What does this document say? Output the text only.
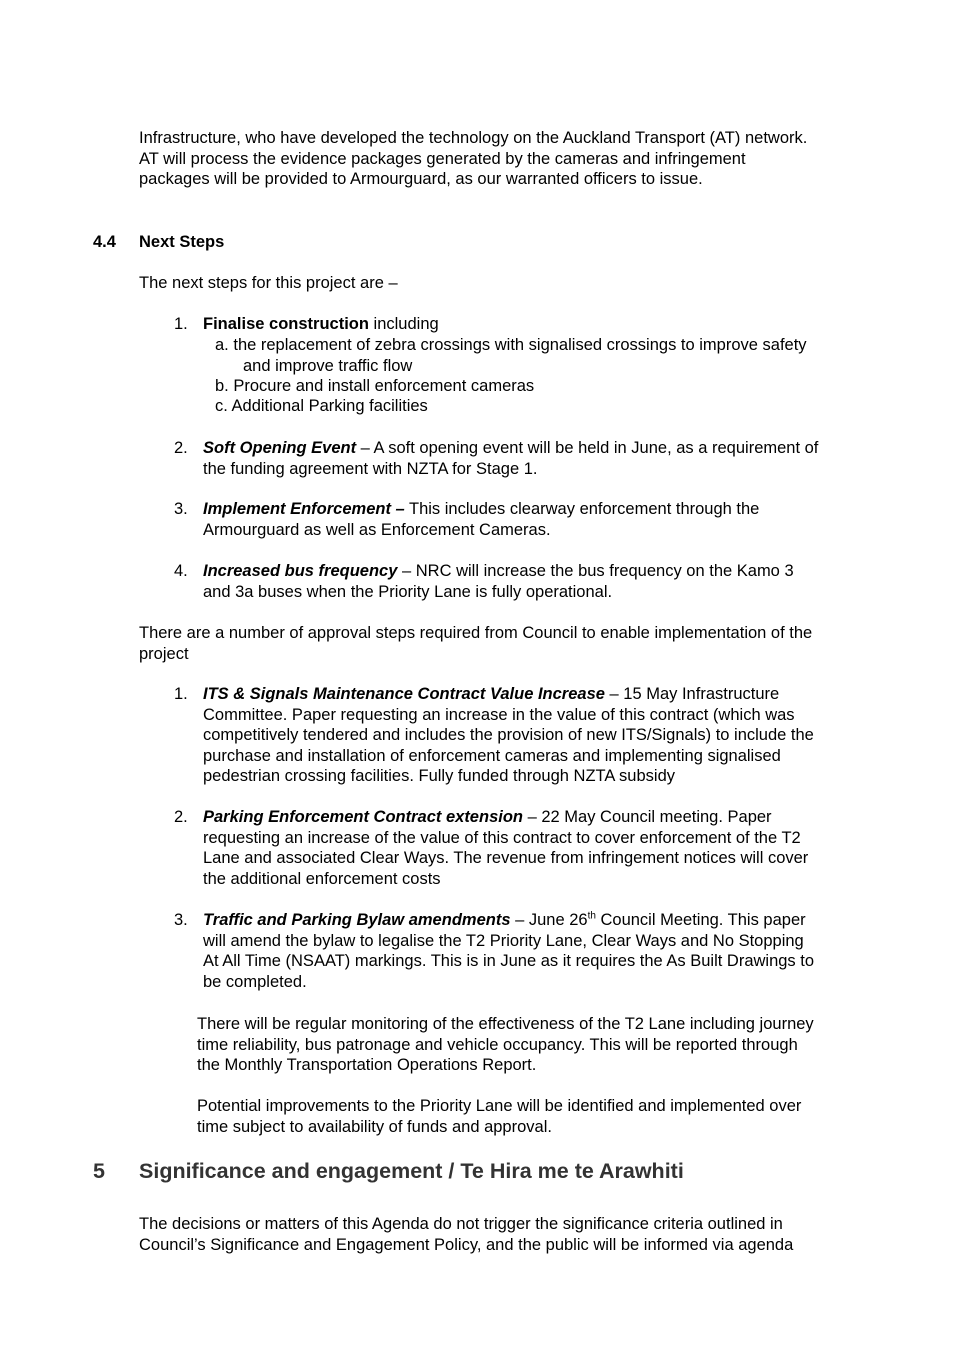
Infrastructure, who have developed the technology on the Auckland Transport (AT) network.
AT will process the evidence packages generated by the cameras and infringement
packages will be provided to Armourguard, as our warranted officers to issue.

4.4 Next Steps

The next steps for this project are –

1. Finalise construction including
a. the replacement of zebra crossings with signalised crossings to improve safety
and improve traffic flow
b. Procure and install enforcement cameras
c. Additional Parking facilities
2. Soft Opening Event – A soft opening event will be held in June, as a requirement of
the funding agreement with NZTA for Stage 1.
3. Implement Enforcement – This includes clearway enforcement through the
Armourguard as well as Enforcement Cameras.
4. Increased bus frequency – NRC will increase the bus frequency on the Kamo 3
and 3a buses when the Priority Lane is fully operational.

There are a number of approval steps required from Council to enable implementation of the
project

1. ITS & Signals Maintenance Contract Value Increase – 15 May Infrastructure
Committee. Paper requesting an increase in the value of this contract (which was
competitively tendered and includes the provision of new ITS/Signals) to include the
purchase and installation of enforcement cameras and implementing signalised
pedestrian crossing facilities. Fully funded through NZTA subsidy
2. Parking Enforcement Contract extension – 22 May Council meeting. Paper
requesting an increase of the value of this contract to cover enforcement of the T2
Lane and associated Clear Ways. The revenue from infringement notices will cover
the additional enforcement costs
3. Traffic and Parking Bylaw amendments – June 26th Council Meeting. This paper
will amend the bylaw to legalise the T2 Priority Lane, Clear Ways and No Stopping
At All Time (NSAAT) markings. This is in June as it requires the As Built Drawings to
be completed.

There will be regular monitoring of the effectiveness of the T2 Lane including journey
time reliability, bus patronage and vehicle occupancy. This will be reported through
the Monthly Transportation Operations Report.

Potential improvements to the Priority Lane will be identified and implemented over
time subject to availability of funds and approval.

5 Significance and engagement / Te Hira me te Arawhiti

The decisions or matters of this Agenda do not trigger the significance criteria outlined in
Council’s Significance and Engagement Policy, and the public will be informed via agenda
